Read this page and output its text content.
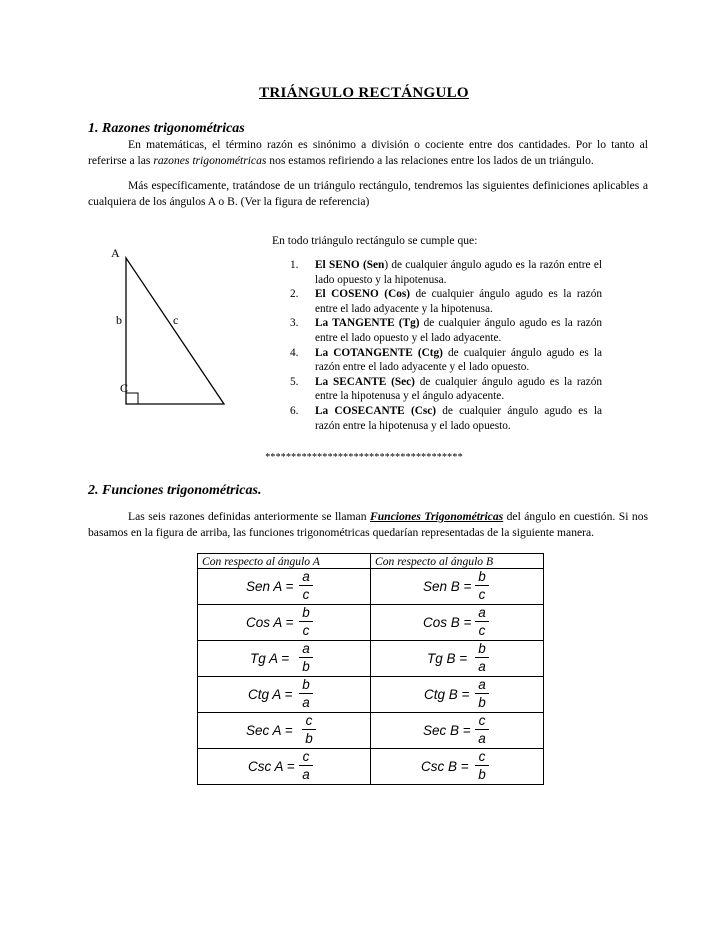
TRIÁNGULO RECTÁNGULO
1. Razones trigonométricas
En matemáticas, el término razón es sinónimo a división o cociente entre dos cantidades. Por lo tanto al referirse a las razones trigonométricas nos estamos refiriendo a las relaciones entre los lados de un triángulo.
Más específicamente, tratándose de un triángulo rectángulo, tendremos las siguientes definiciones aplicables a cualquiera de los ángulos A o B. (Ver la figura de referencia)
En todo triángulo rectángulo se cumple que:
A
b	c
C
1.	El SENO (Sen) de cualquier ángulo agudo es la razón entre el lado opuesto y la hipotenusa.
2.	El COSENO (Cos) de cualquier ángulo agudo es la razón entre el lado adyacente y la hipotenusa.
3.	La TANGENTE (Tg) de cualquier ángulo agudo es la razón entre el lado opuesto y el lado adyacente.
4.	La COTANGENTE (Ctg) de cualquier ángulo agudo es la razón entre el lado adyacente y el lado opuesto.
5.	La SECANTE (Sec) de cualquier ángulo agudo es la razón entre la hipotenusa y el ángulo adyacente.
6.	La COSECANTE (Csc) de cualquier ángulo agudo es la razón entre la hipotenusa y el lado opuesto.
**************************************
2. Funciones trigonométricas.
Las seis razones definidas anteriormente se llaman Funciones Trigonométricas del ángulo en cuestión. Si nos basamos en la figura de arriba, las funciones trigonométricas quedarían representadas de la siguiente manera.
Con respecto al ángulo A	Con respecto al ángulo B

Sen A =
a
c	Sen B =
b
c

Cos A =
b
c	Cos B =
a
c

Tg A =
a
b	Tg B =
b
a

Ctg A =
b
a	Ctg B =
a
b

Sec A =
c
b	Sec B =
c
a

Csc A =
c
a	Csc B =
c
b
